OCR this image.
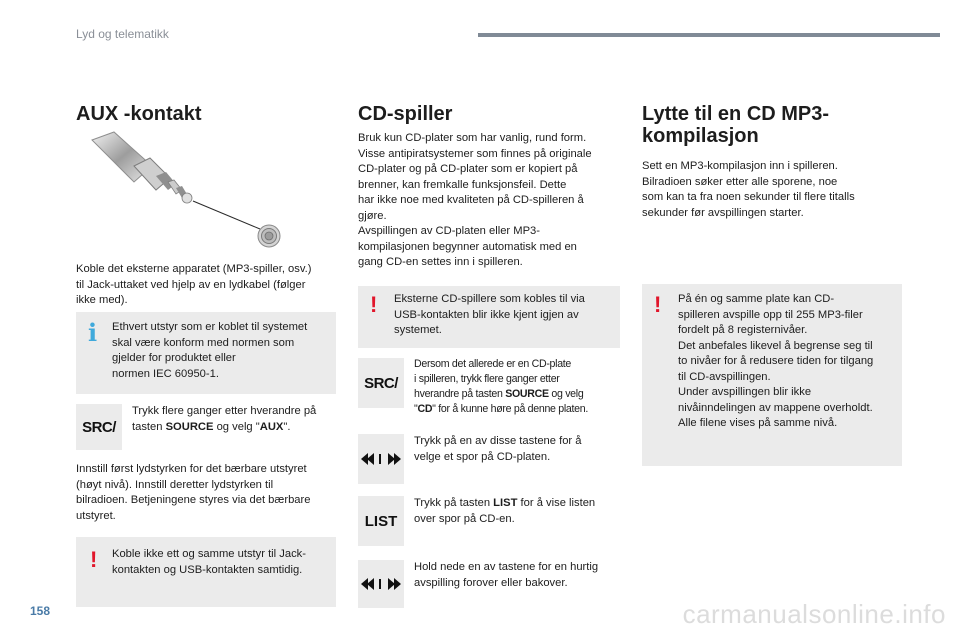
Lyd og telematikk
AUX -kontakt
Koble det eksterne apparatet (MP3-spiller, osv.)
til Jack-uttaket ved hjelp av en lydkabel (følger
ikke med).

i Ethvert utstyr som er koblet til systemet
skal være konform med normen som
gjelder for produktet eller
normen IEC 60950-1.

SRC /
Trykk flere ganger etter hverandre på
tasten SOURCE og velg "AUX".
Innstill først lydstyrken for det bærbare utstyret
(høyt nivå). Innstill deretter lydstyrken til
bilradioen. Betjeningene styres via det bærbare
utstyret.

! Koble ikke ett og samme utstyr til Jack-
kontakten og USB-kontakten samtidig.

CD-spiller
Bruk kun CD-plater som har vanlig, rund form.
Visse antipiratsystemer som finnes på originale
CD-plater og på CD-plater som er kopiert på
brenner, kan fremkalle funksjonsfeil. Dette
har ikke noe med kvaliteten på CD-spilleren å
gjøre.
Avspillingen av CD-platen eller MP3-
kompilasjonen begynner automatisk med en
gang CD-en settes inn i spilleren.

! Eksterne CD-spillere som kobles til via
USB-kontakten blir ikke kjent igjen av
systemet.

SRC /
Dersom det allerede er en CD-plate
i spilleren, trykk flere ganger etter
hverandre på tasten SOURCE og velg
"CD" for å kunne høre på denne platen.
Trykk på en av disse tastene for å
velge et spor på CD-platen.
LIST
Trykk på tasten LIST for å vise listen
over spor på CD-en.
Hold nede en av tastene for en hurtig
avspilling forover eller bakover.
Lytte til en CD MP3-
kompilasjon
Sett en MP3-kompilasjon inn i spilleren.
Bilradioen søker etter alle sporene, noe
som kan ta fra noen sekunder til flere titalls
sekunder før avspillingen starter.

! På én og samme plate kan CD-
spilleren avspille opp til 255 MP3-filer
fordelt på 8 registernivåer.
Det anbefales likevel å begrense seg til
to nivåer for å redusere tiden for tilgang
til CD-avspillingen.
Under avspillingen blir ikke
nivåinndelingen av mappene overholdt.
Alle filene vises på samme nivå.

158	carmanualsonline.info
